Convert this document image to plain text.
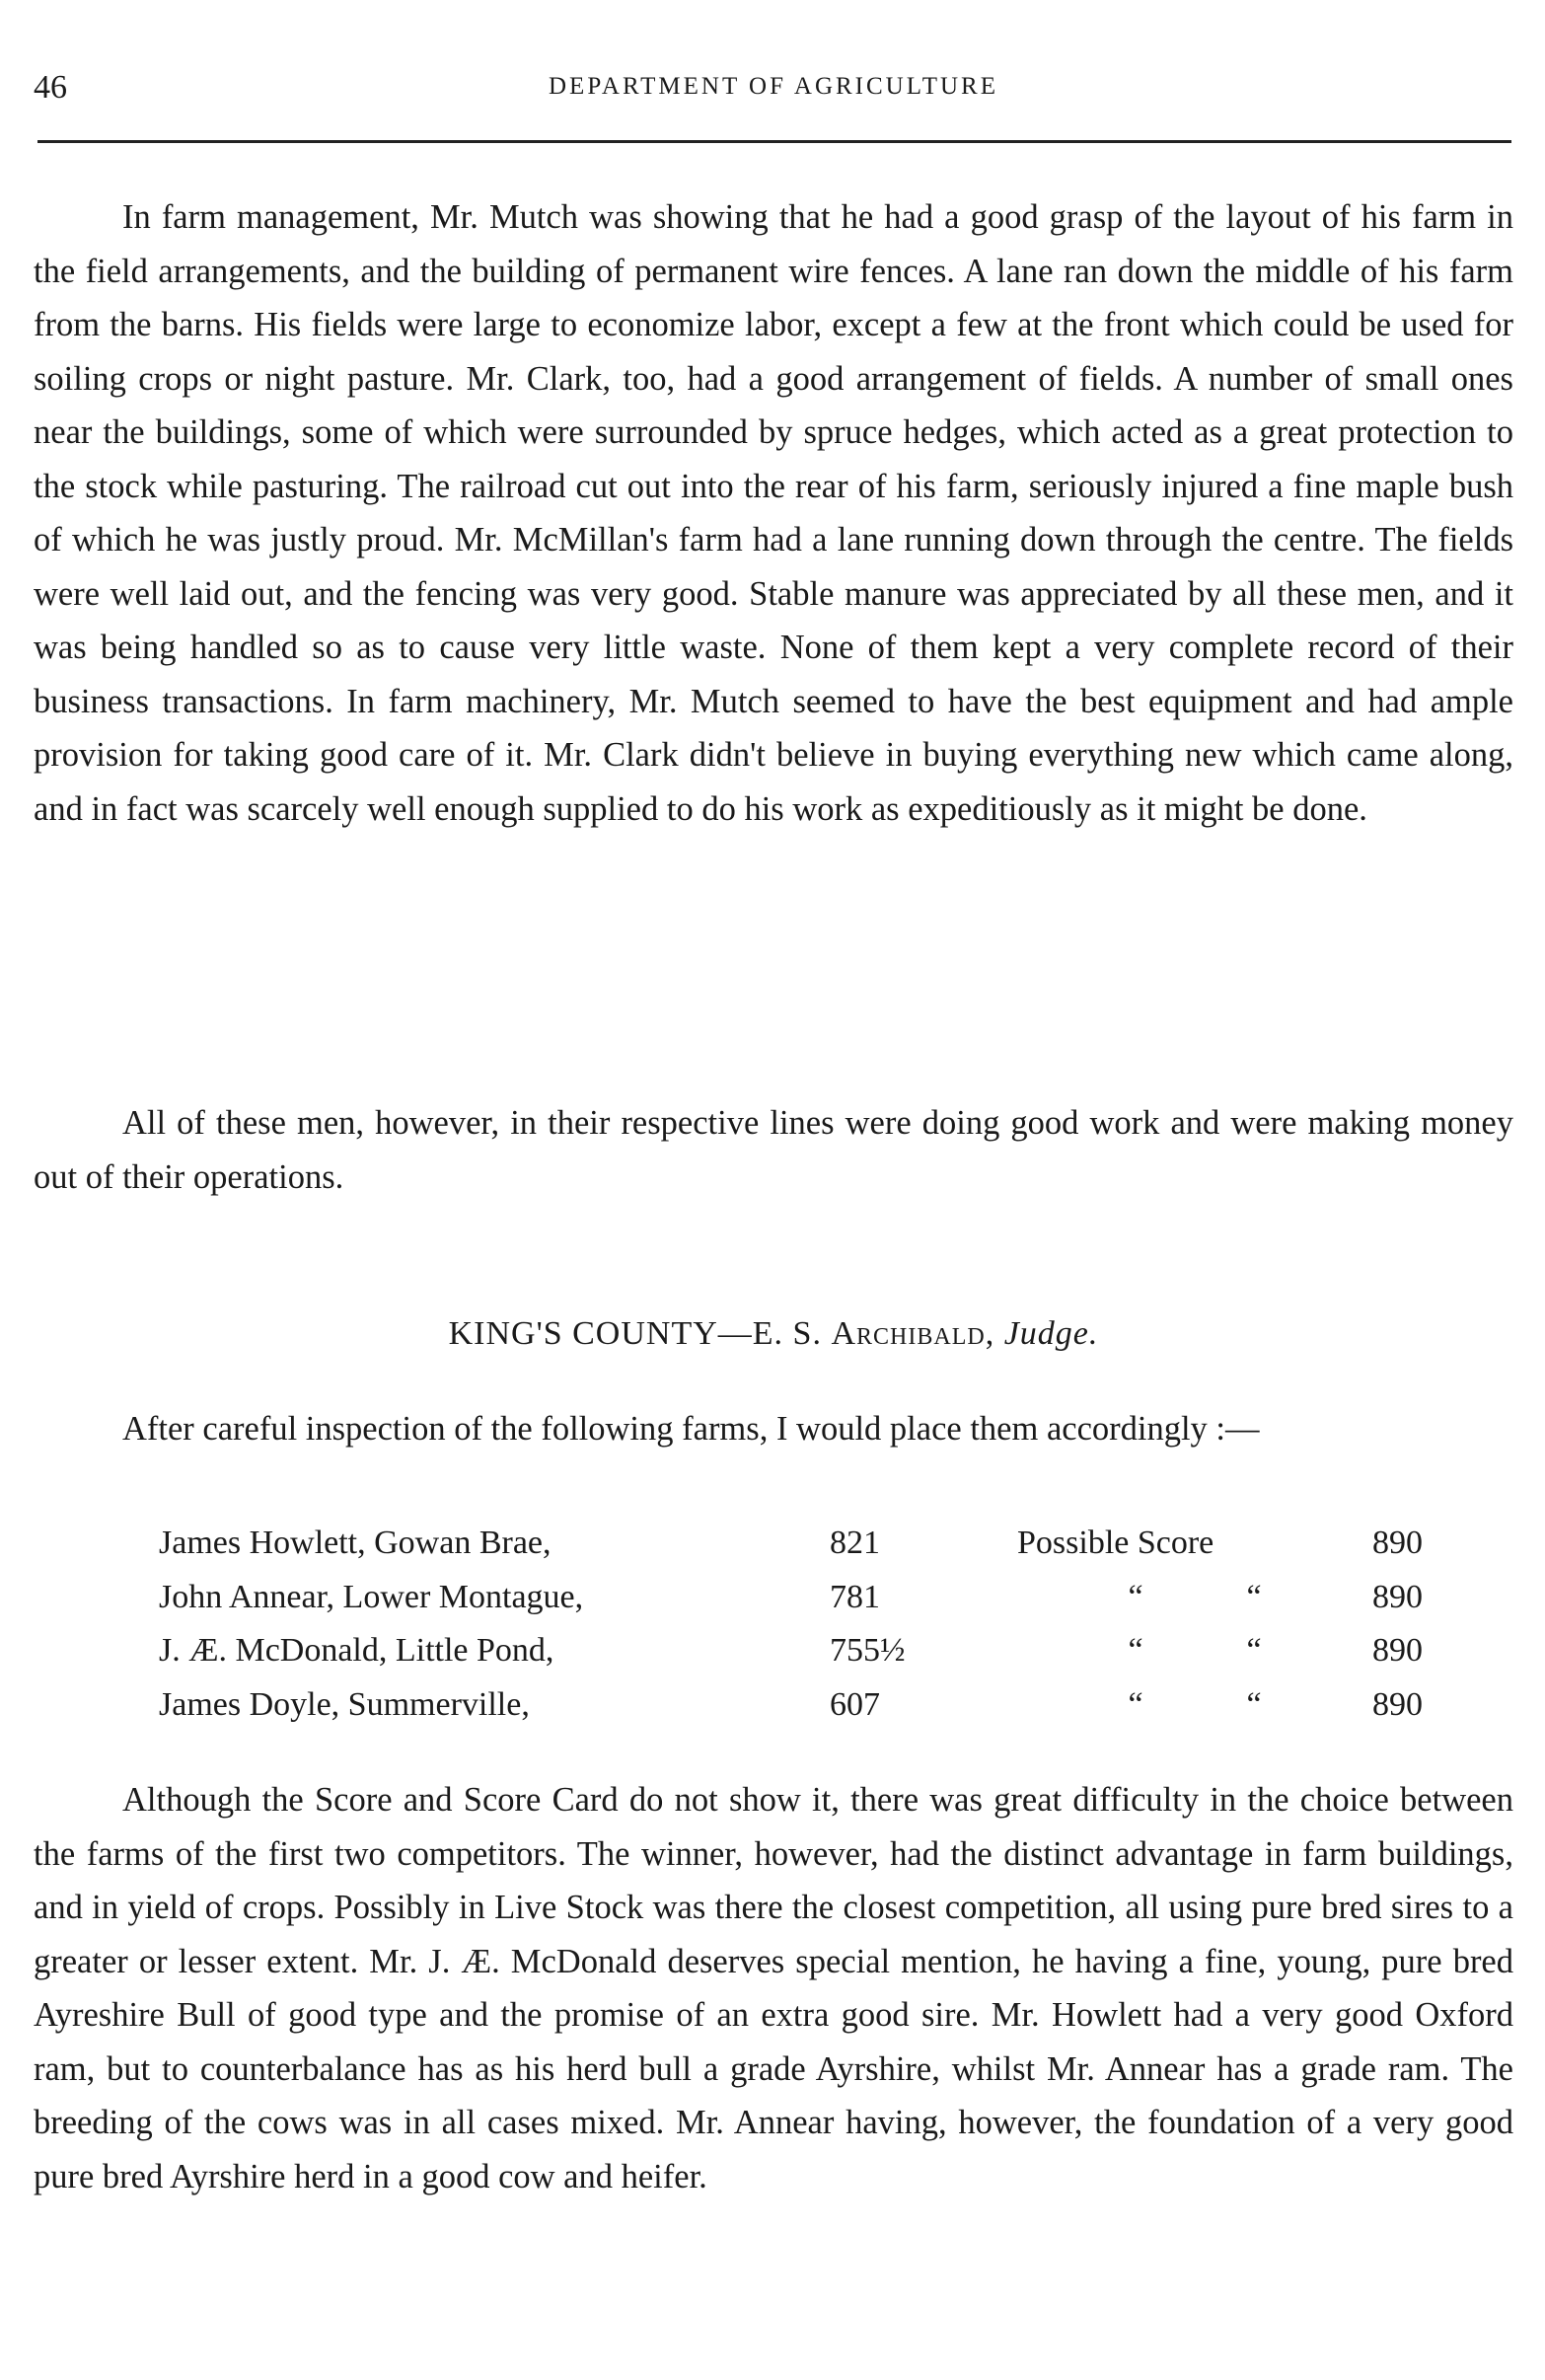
46	DEPARTMENT OF AGRICULTURE

In farm management, Mr. Mutch was showing that he had a good grasp of the layout of his farm in the field arrangements, and the building of permanent wire fences. A lane ran down the middle of his farm from the barns. His fields were large to economize labor, except a few at the front which could be used for soiling crops or night pasture. Mr. Clark, too, had a good arrangement of fields. A number of small ones near the buildings, some of which were surrounded by spruce hedges, which acted as a great protection to the stock while pasturing. The railroad cut out into the rear of his farm, seriously injured a fine maple bush of which he was justly proud. Mr. McMillan's farm had a lane running down through the centre. The fields were well laid out, and the fencing was very good. Stable manure was appreciated by all these men, and it was being handled so as to cause very little waste. None of them kept a very complete record of their business transactions. In farm machinery, Mr. Mutch seemed to have the best equipment and had ample provision for taking good care of it. Mr. Clark didn't believe in buying everything new which came along, and in fact was scarcely well enough supplied to do his work as expeditiously as it might be done.

All of these men, however, in their respective lines were doing good work and were making money out of their operations.

KING'S COUNTY—E. S. Archibald, Judge.

After careful inspection of the following farms, I would place them accordingly :—

James Howlett, Gowan Brae,	821	Possible Score	890
John Annear, Lower Montague,	781	“ “	890
J. Æ. McDonald, Little Pond,	755½	“ “	890
James Doyle, Summerville,	607	“ “	890

Although the Score and Score Card do not show it, there was great difficulty in the choice between the farms of the first two competitors. The winner, however, had the distinct advantage in farm buildings, and in yield of crops. Possibly in Live Stock was there the closest competition, all using pure bred sires to a greater or lesser extent. Mr. J. Æ. McDonald deserves special mention, he having a fine, young, pure bred Ayreshire Bull of good type and the promise of an extra good sire. Mr. Howlett had a very good Oxford ram, but to counterbalance has as his herd bull a grade Ayrshire, whilst Mr. Annear has a grade ram. The breeding of the cows was in all cases mixed. Mr. Annear having, however, the foundation of a very good pure bred Ayrshire herd in a good cow and heifer.
